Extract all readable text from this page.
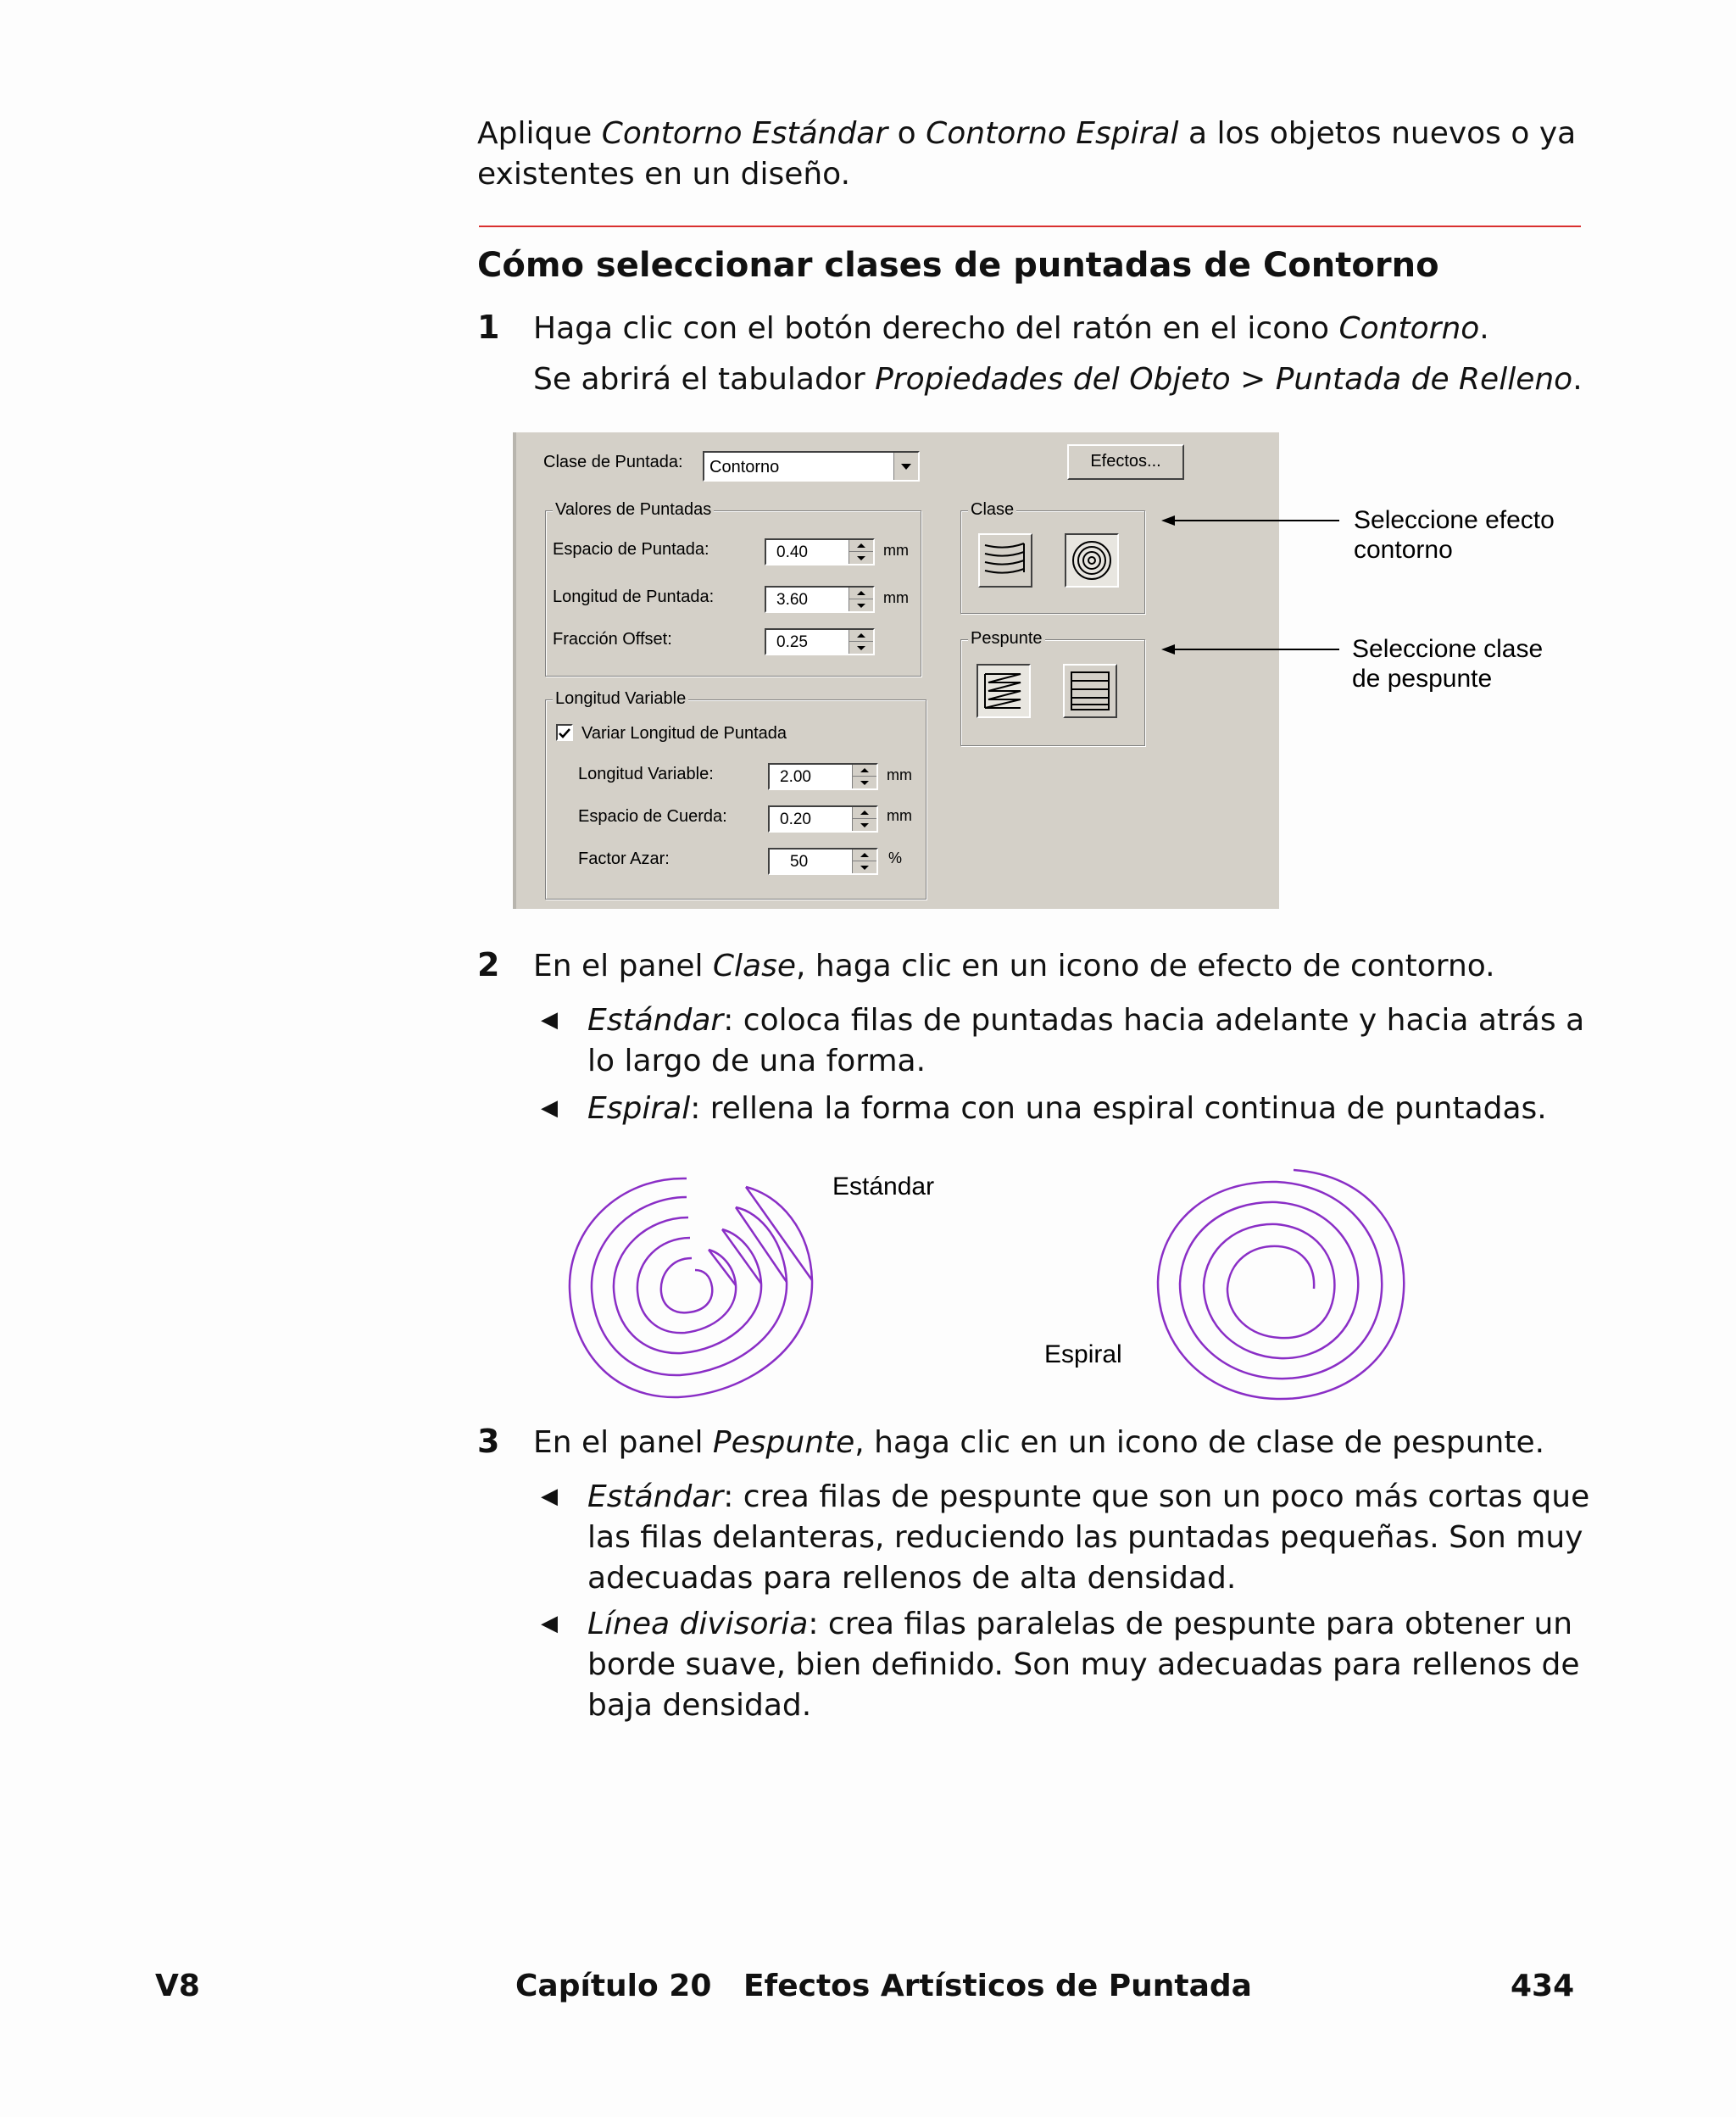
Aplique Contorno Estándar o Contorno Espiral a los objetos nuevos o ya existentes en un diseño.
Cómo seleccionar clases de puntadas de Contorno
1 Haga clic con el botón derecho del ratón en el icono Contorno.
Se abrirá el tabulador Propiedades del Objeto > Puntada de Relleno.
Clase de Puntada: Contorno	Efectos...
Valores de Puntadas
Espacio de Puntada:	0.40	mm
Longitud de Puntada:	3.60	mm
Fracción Offset:	0.25
Longitud Variable
Variar Longitud de Puntada
Longitud Variable:	2.00	mm
Espacio de Cuerda:	0.20	mm
Factor Azar:	50	%
Clase
Pespunte
Seleccione efecto
contorno
Seleccione clase
de pespunte
2 En el panel Clase, haga clic en un icono de efecto de contorno.
◀ Estándar: coloca filas de puntadas hacia adelante y hacia atrás a lo largo de una forma.
◀ Espiral: rellena la forma con una espiral continua de puntadas.
Estándar
Espiral
3 En el panel Pespunte, haga clic en un icono de clase de pespunte.
◀ Estándar: crea filas de pespunte que son un poco más cortas que las filas delanteras, reduciendo las puntadas pequeñas. Son muy adecuadas para rellenos de alta densidad.
◀ Línea divisoria: crea filas paralelas de pespunte para obtener un borde suave, bien definido. Son muy adecuadas para rellenos de baja densidad.
V8	Capítulo 20   Efectos Artísticos de Puntada	434
